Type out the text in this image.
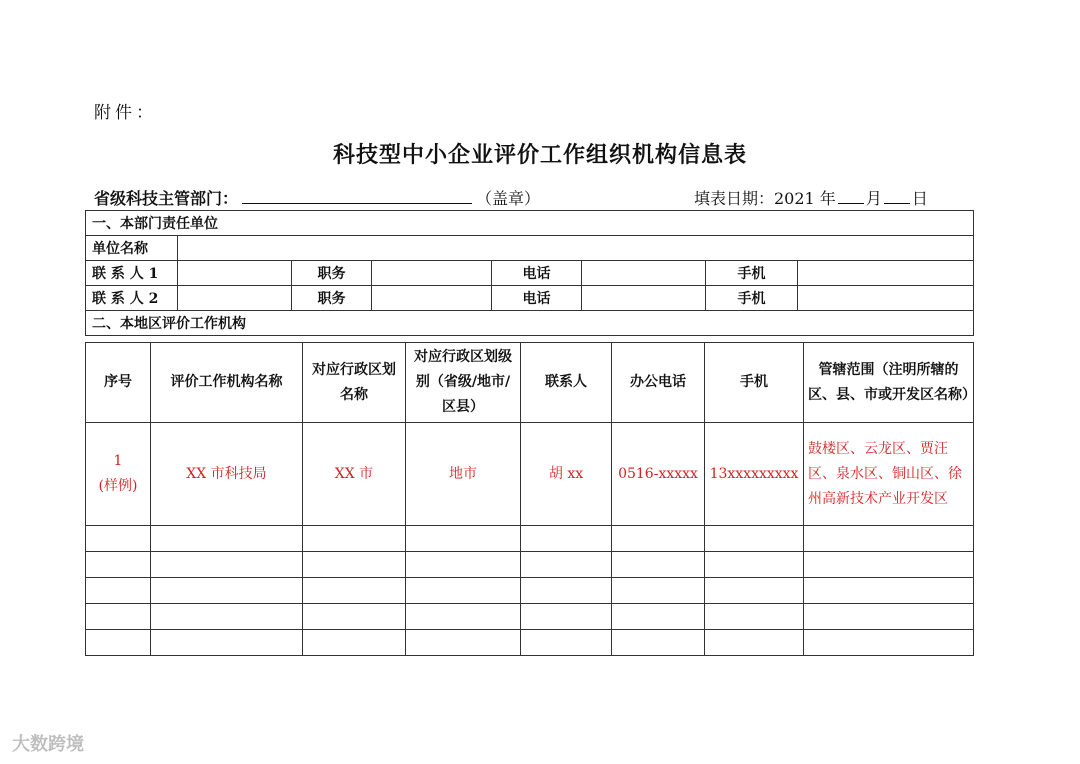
附件：
科技型中小企业评价工作组织机构信息表
省级科技主管部门：	（盖章）	填表日期：2021 年 月 日
一、本部门责任单位							
单位名称							
联 系 人 1		职务		电话		手机	
联 系 人 2		职务		电话		手机	
二、本地区评价工作机构							
序号	评价工作机构名称	对应行政区划名称	对应行政区划级别（省级/地市/区县）	联系人	办公电话	手机	管辖范围（注明所辖的区、县、市或开发区名称）

1
(样例)	XX 市科技局	XX 市	地市	胡 xx	0516-xxxxx	13xxxxxxxxx	鼓楼区、云龙区、贾汪区、泉水区、铜山区、徐州高新技术产业开发区

大数跨境
